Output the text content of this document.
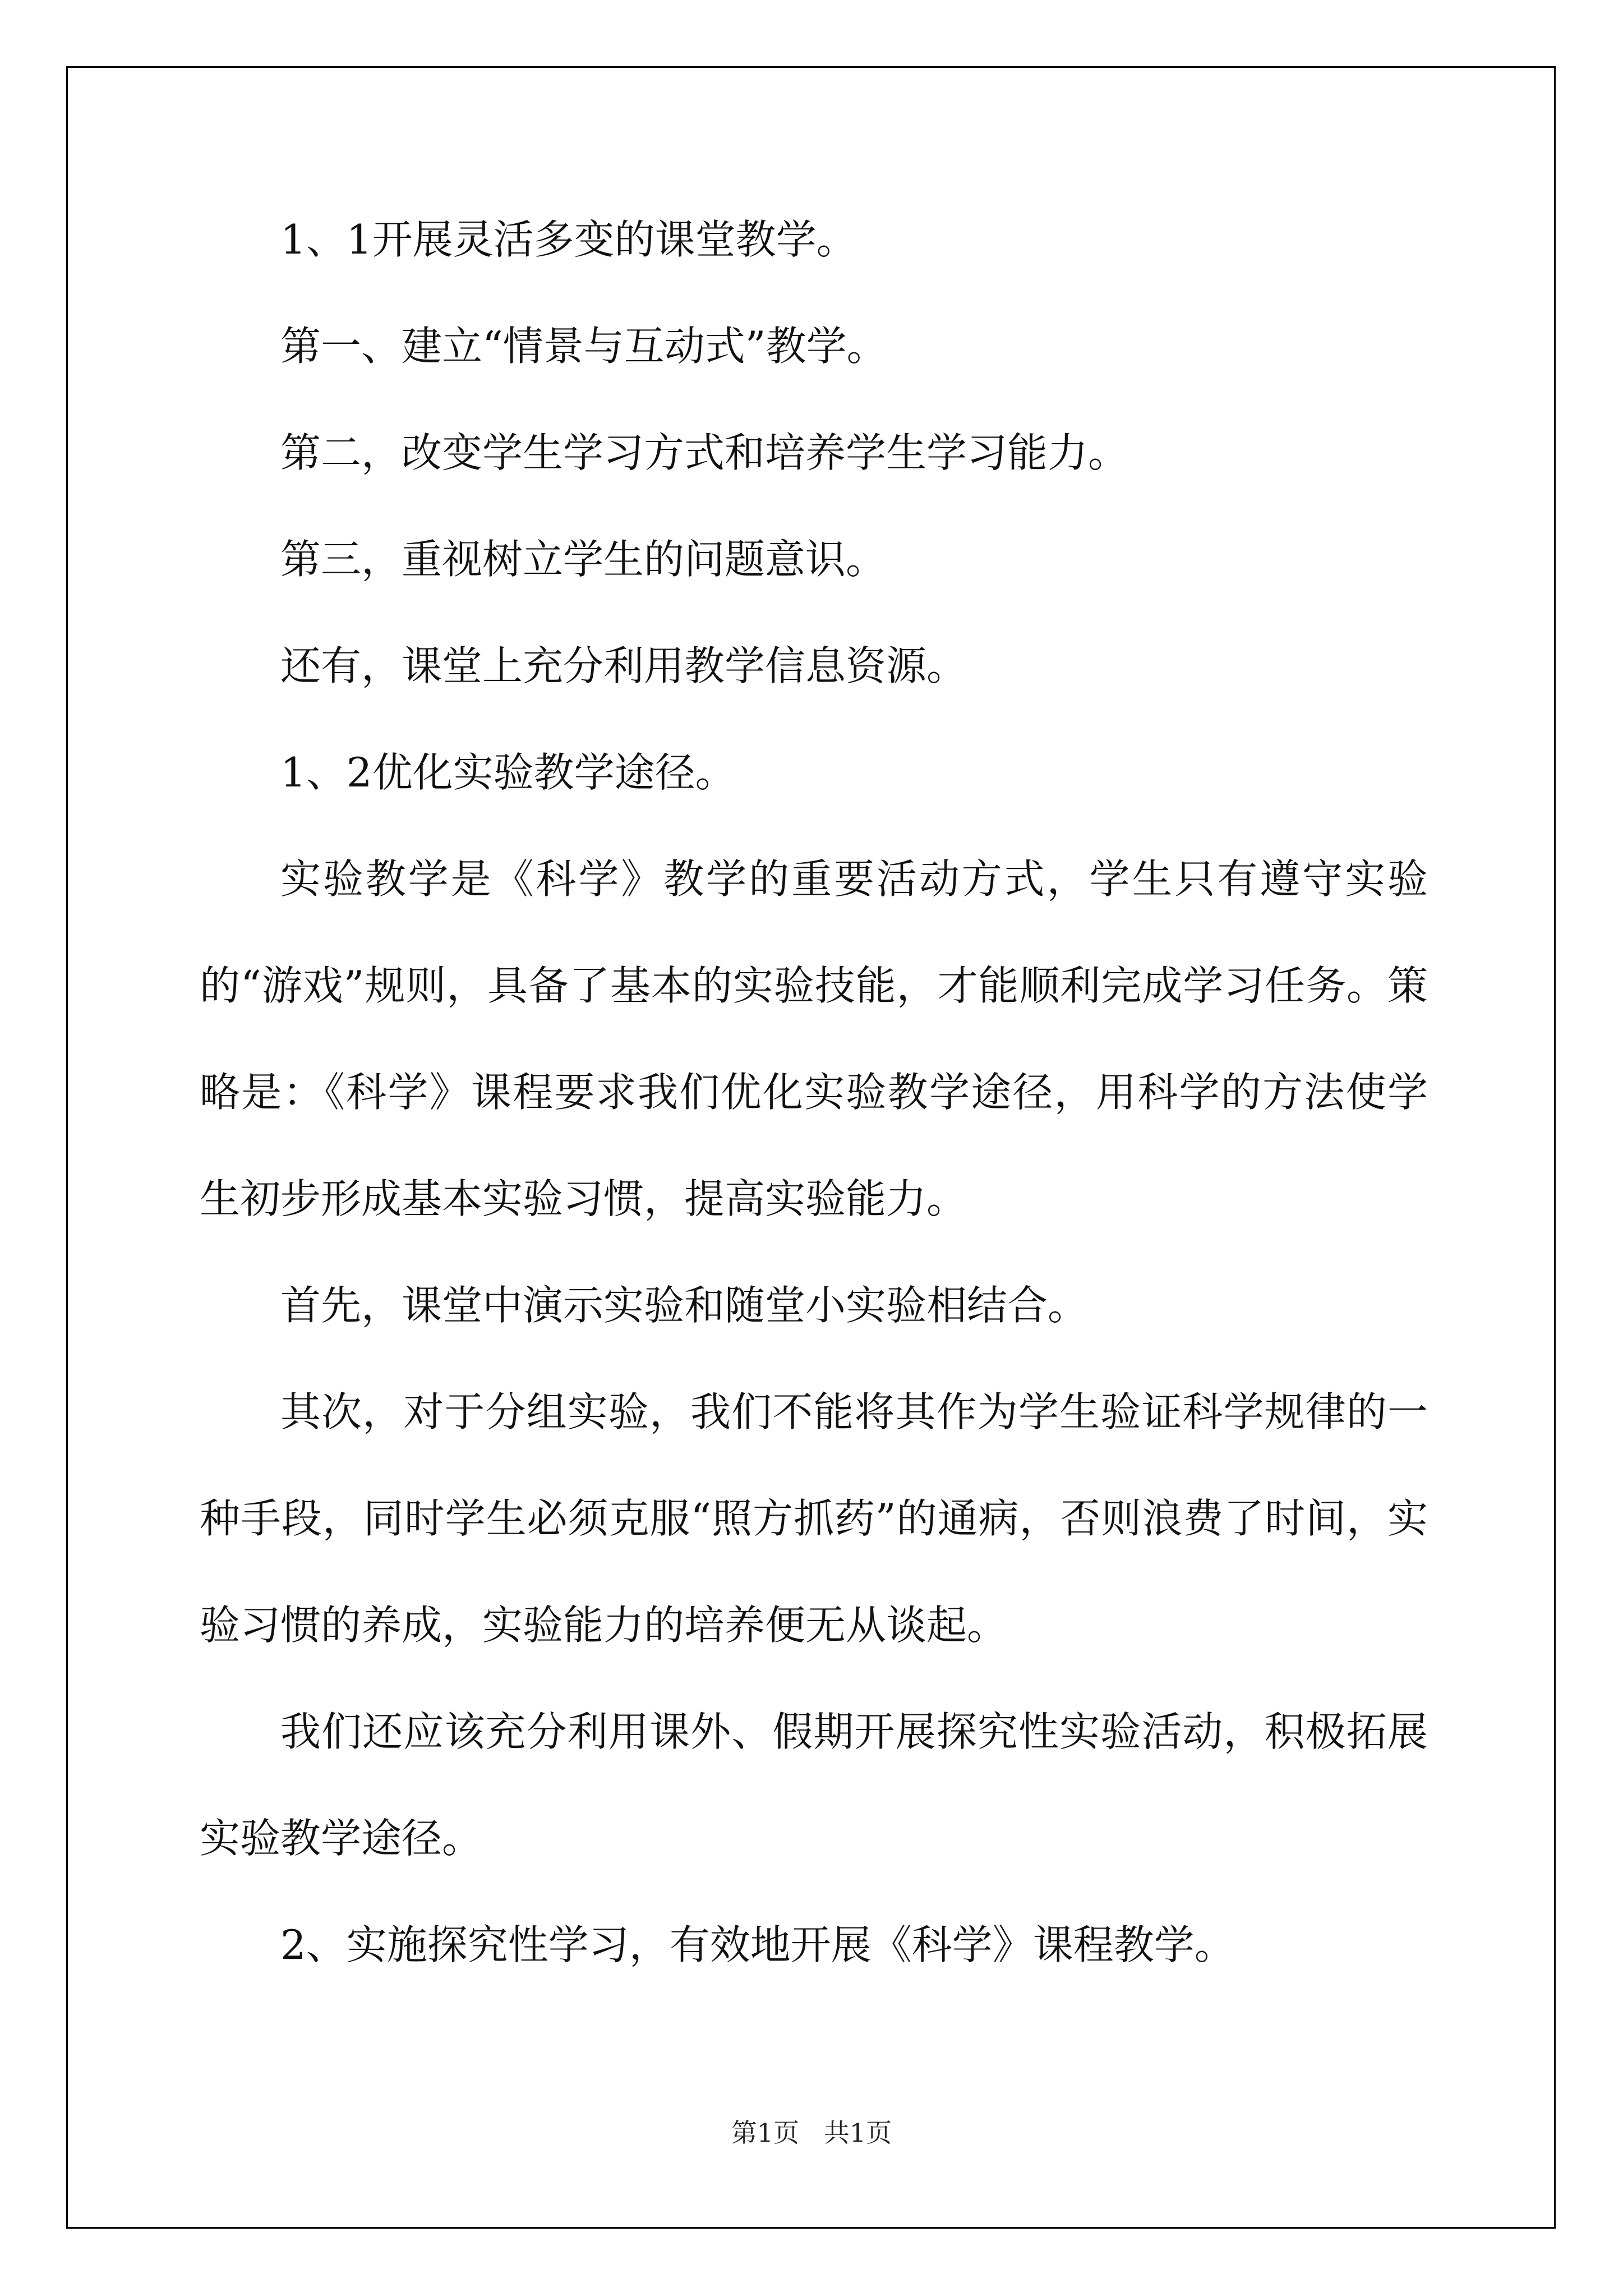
1、1开展灵活多变的课堂教学。

第一、建立“情景与互动式”教学。

第二，改变学生学习方式和培养学生学习能力。

第三，重视树立学生的问题意识。

还有，课堂上充分利用教学信息资源。

1、2优化实验教学途径。

实验教学是《科学》教学的重要活动方式，学生只有遵守实验的“游戏”规则，具备了基本的实验技能，才能顺利完成学习任务。策略是：《科学》课程要求我们优化实验教学途径，用科学的方法使学生初步形成基本实验习惯，提高实验能力。

首先，课堂中演示实验和随堂小实验相结合。

其次，对于分组实验，我们不能将其作为学生验证科学规律的一种手段，同时学生必须克服“照方抓药”的通病，否则浪费了时间，实验习惯的养成，实验能力的培养便无从谈起。

我们还应该充分利用课外、假期开展探究性实验活动，积极拓展实验教学途径。

2、实施探究性学习，有效地开展《科学》课程教学。

第1页   共1页
